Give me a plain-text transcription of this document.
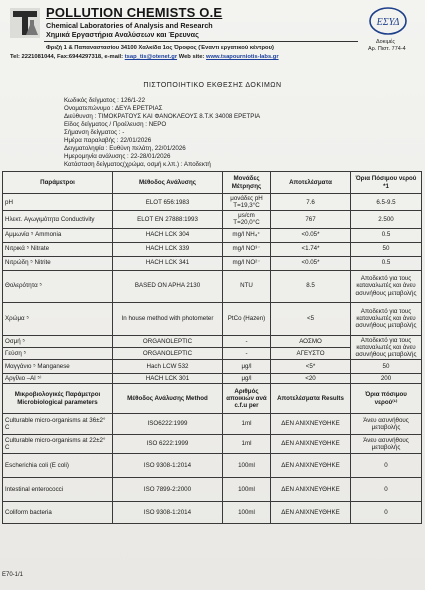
POLLUTION CHEMISTS O.E
Chemical Laboratories of Analysis and Research
Χημικά Εργαστήρια Αναλύσεων και Έρευνας
Φριζή 1 & Παπαναστασίου 34100 Χαλκίδα 1ος Όροφος (Έναντι εργατικού κέντρου)
Tel: 2221081044, Fax:6944297318, e-mail: tsap_tis@otenet.gr Web site: www.tsapourniotis-labs.gr
ΕΣΥΔ
Δοκιμές
Αρ. Πιστ. 774-4
ΠΙΣΤΟΠΟΙΗΤΙΚΟ ΕΚΘΕΣΗΣ ΔΟΚΙΜΩΝ
Κωδικός δείγματος : 126/1-22
Ονοματεπώνυμο : ΔΕΥΑ ΕΡΕΤΡΙΑΣ
Διεύθυνση : ΤΙΜΟΚΡΑΤΟΥΣ ΚΑΙ ΦΑΝΟΚΛΕΟΥΣ 8.Τ.Κ 34008 ΕΡΕΤΡΙΑ
Είδος δείγματος / Προέλευση : ΝΕΡΟ
Σήμανση δείγματος : -
Ημέρα παραλαβής : 22/01/2026
Δειγματοληψία : Ευθύνη πελάτη, 22/01/2026
Ημερομηνία ανάλυσης : 22-28/01/2026
Κατάσταση δείγματος(χρώμα, οσμή κ.λπ.) : Αποδεκτή
Παράμετροι	Μέθοδος Ανάλυσης	Μονάδες Μέτρησης	Αποτελέσματα	Όρια Πόσιμου νερού *1
pH	ELOT 656:1983	μονάδες pH T=19,3°C	7.6	6.5-9.5
Ηλεκτ. Αγωγιμότητα Conductivity	ELOT EN 27888:1993	μs/cm T=20,0°C	767	2.500
Αμμωνία ⁵ Ammonia	HACH LCK 304	mg/l NH₄⁺	<0.05*	0.5
Νιτρικά ⁵ Nitrate	HACH LCK 339	mg/l NO³⁻	<1.74*	50
Νιτρώδη ⁵ Nitrite	HACH LCK 341	mg/l NO²⁻	<0.05*	0.5
Θολερότητα ⁵	BASED ON APHA 2130	NTU	8.5	Αποδεκτό για τους καταναλωτές και άνευ ασυνήθους μεταβολής
Χρώμα ⁵	In house method with photometer	PtCo (Hazen)	<5	Αποδεκτό για τους καταναλωτές και άνευ ασυνήθους μεταβολής
Οσμή ⁵	ORGANOLEPTIC	-	ΑΟΣΜΟ	Αποδεκτό για τους καταναλωτές και άνευ ασυνήθους μεταβολής
Γεύση ⁵	ORGANOLEPTIC	-	ΑΓΕΥΣΤΟ	
Μαγγάνιο ⁵ Manganese	Hach LCW 532	μg/l	<5*	50
Αργίλιο –Al ⁵⁾	HACH LCK 301	μg/l	<20	200
Μικροβιολογικές Παράμετροι Microbiological parameters	Μέθοδος Ανάλυσης Method	Αριθμός αποικιών ανά c.f.u per	Αποτελέσματα Results	Όρια πόσιμου νερού⁽¹⁾
Culturable micro-organisms at 36±2° C	ISO6222:1999	1ml	ΔΕΝ ΑΝΙΧΝΕΥΘΗΚΕ	Άνευ ασυνήθους μεταβολής
Culturable micro-organisms at 22±2° C	ISO 6222:1999	1ml	ΔΕΝ ΑΝΙΧΝΕΥΘΗΚΕ	Άνευ ασυνήθους μεταβολής
Escherichia coli (E coli)	ISO 9308-1:2014	100ml	ΔΕΝ ΑΝΙΧΝΕΥΘΗΚΕ	0
Intestinal enterococci	ISO 7899-2:2000	100ml	ΔΕΝ ΑΝΙΧΝΕΥΘΗΚΕ	0
Coliform bacteria	ISO 9308-1:2014	100ml	ΔΕΝ ΑΝΙΧΝΕΥΘΗΚΕ	0
Ε70-1/1
